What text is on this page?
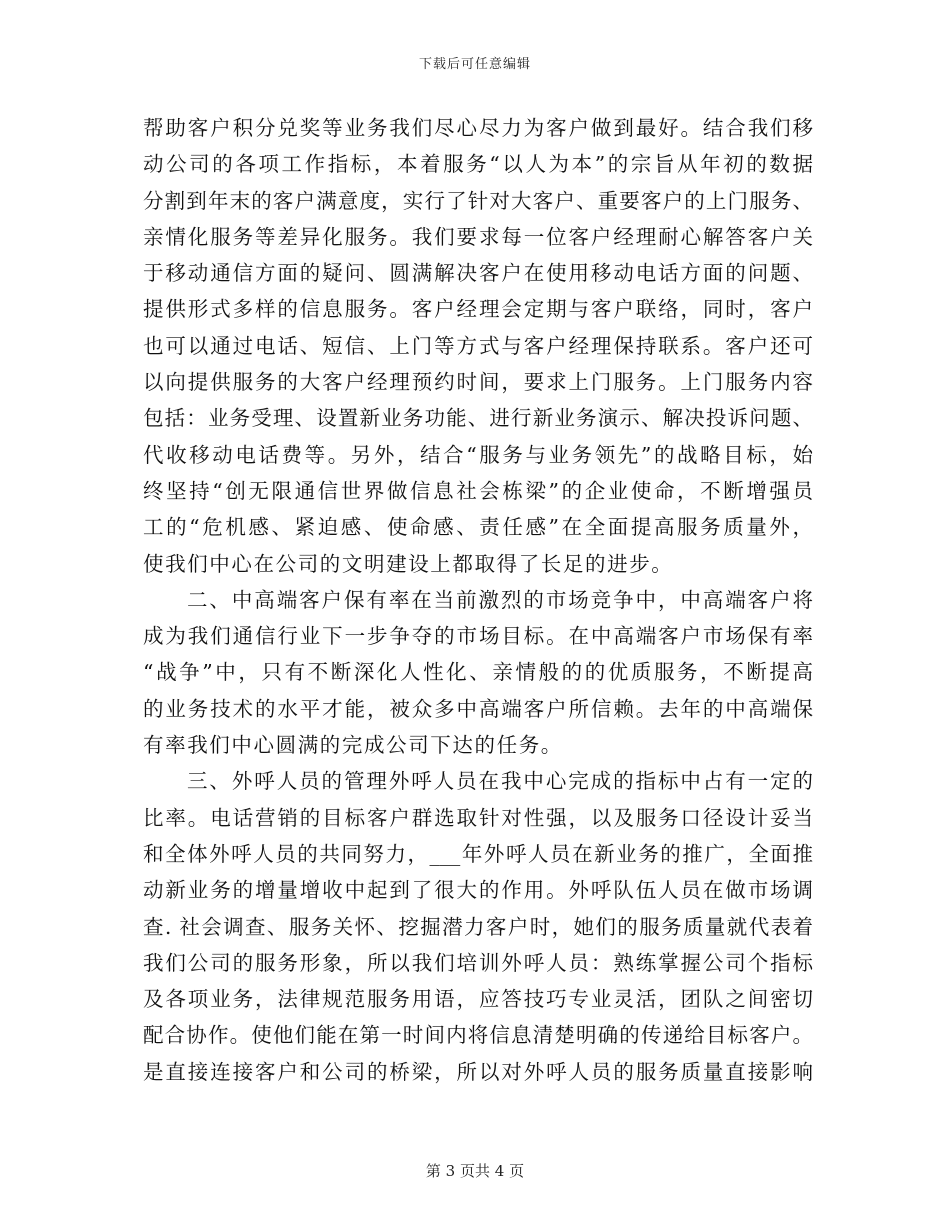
下载后可任意编辑
帮助客户积分兑奖等业务我们尽心尽力为客户做到最好。结合我们移
动公司的各项工作指标，本着服务“以人为本”的宗旨从年初的数据
分割到年末的客户满意度，实行了针对大客户、重要客户的上门服务、
亲情化服务等差异化服务。我们要求每一位客户经理耐心解答客户关
于移动通信方面的疑问、圆满解决客户在使用移动电话方面的问题、
提供形式多样的信息服务。客户经理会定期与客户联络，同时，客户
也可以通过电话、短信、上门等方式与客户经理保持联系。客户还可
以向提供服务的大客户经理预约时间，要求上门服务。上门服务内容
包括：业务受理、设置新业务功能、进行新业务演示、解决投诉问题、
代收移动电话费等。另外，结合“服务与业务领先”的战略目标，始
终坚持“创无限通信世界做信息社会栋梁”的企业使命，不断增强员
工的“危机感、紧迫感、使命感、责任感”在全面提高服务质量外，
使我们中心在公司的文明建设上都取得了长足的进步。
二、中高端客户保有率在当前激烈的市场竞争中，中高端客户将
成为我们通信行业下一步争夺的市场目标。在中高端客户市场保有率
“战争”中，只有不断深化人性化、亲情般的的优质服务，不断提高
的业务技术的水平才能，被众多中高端客户所信赖。去年的中高端保
有率我们中心圆满的完成公司下达的任务。
三、外呼人员的管理外呼人员在我中心完成的指标中占有一定的
比率。电话营销的目标客户群选取针对性强，以及服务口径设计妥当
和全体外呼人员的共同努力，___年外呼人员在新业务的推广，全面推
动新业务的增量增收中起到了很大的作用。外呼队伍人员在做市场调
查. 社会调查、服务关怀、挖掘潜力客户时，她们的服务质量就代表着
我们公司的服务形象，所以我们培训外呼人员：熟练掌握公司个指标
及各项业务，法律规范服务用语，应答技巧专业灵活，团队之间密切
配合协作。使他们能在第一时间内将信息清楚明确的传递给目标客户。
是直接连接客户和公司的桥梁，所以对外呼人员的服务质量直接影响
第 3 页共 4 页
